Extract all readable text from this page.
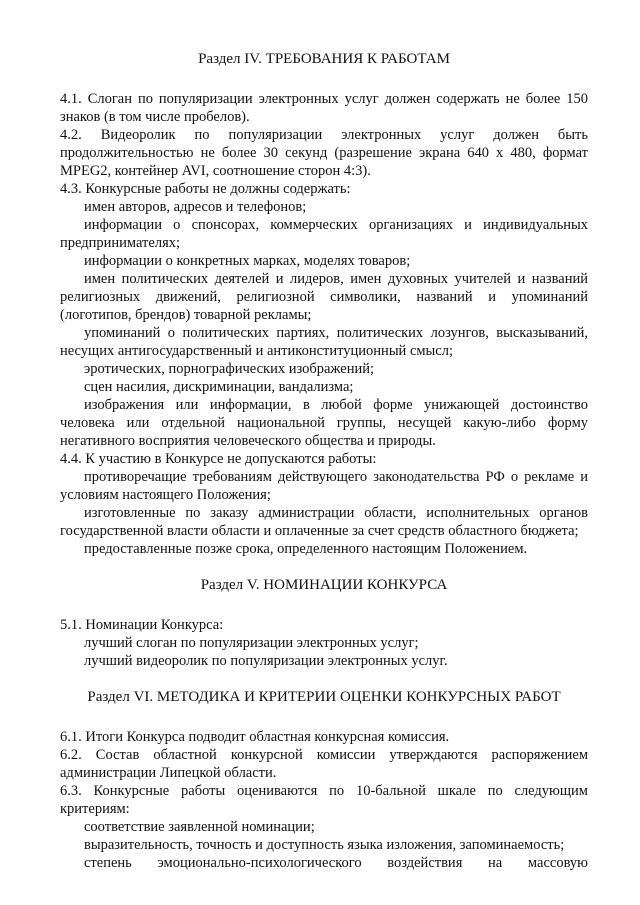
Раздел IV. ТРЕБОВАНИЯ К РАБОТАМ

4.1. Слоган по популяризации электронных услуг должен содержать не более 150 знаков (в том числе пробелов).

4.2. Видеоролик по популяризации электронных услуг должен быть продолжительностью не более 30 секунд (разрешение экрана 640 х 480, формат MPEG2, контейнер AVI, соотношение сторон 4:3).

4.3. Конкурсные работы не должны содержать:

имен авторов, адресов и телефонов;

информации о спонсорах, коммерческих организациях и индивидуальных предпринимателях;

информации о конкретных марках, моделях товаров;

имен политических деятелей и лидеров, имен духовных учителей и названий религиозных движений, религиозной символики, названий и упоминаний (логотипов, брендов) товарной рекламы;

упоминаний о политических партиях, политических лозунгов, высказываний, несущих антигосударственный и антиконституционный смысл;

эротических, порнографических изображений;

сцен насилия, дискриминации, вандализма;

изображения или информации, в любой форме унижающей достоинство человека или отдельной национальной группы, несущей какую-либо форму негативного восприятия человеческого общества и природы.

4.4. К участию в Конкурсе не допускаются работы:

противоречащие требованиям действующего законодательства РФ о рекламе и условиям настоящего Положения;

изготовленные по заказу администрации области, исполнительных органов государственной власти области и оплаченные за счет средств областного бюджета;

предоставленные позже срока, определенного настоящим Положением.

Раздел V. НОМИНАЦИИ КОНКУРСА

5.1. Номинации Конкурса:

лучший слоган по популяризации электронных услуг;

лучший видеоролик по популяризации электронных услуг.

Раздел VI. МЕТОДИКА И КРИТЕРИИ ОЦЕНКИ КОНКУРСНЫХ РАБОТ

6.1. Итоги Конкурса подводит областная конкурсная комиссия.

6.2. Состав областной конкурсной комиссии утверждаются распоряжением администрации Липецкой области.

6.3. Конкурсные работы оцениваются по 10-бальной шкале по следующим критериям:

соответствие заявленной номинации;

выразительность, точность и доступность языка изложения, запоминаемость;

степень эмоционально-психологического воздействия на массовую
